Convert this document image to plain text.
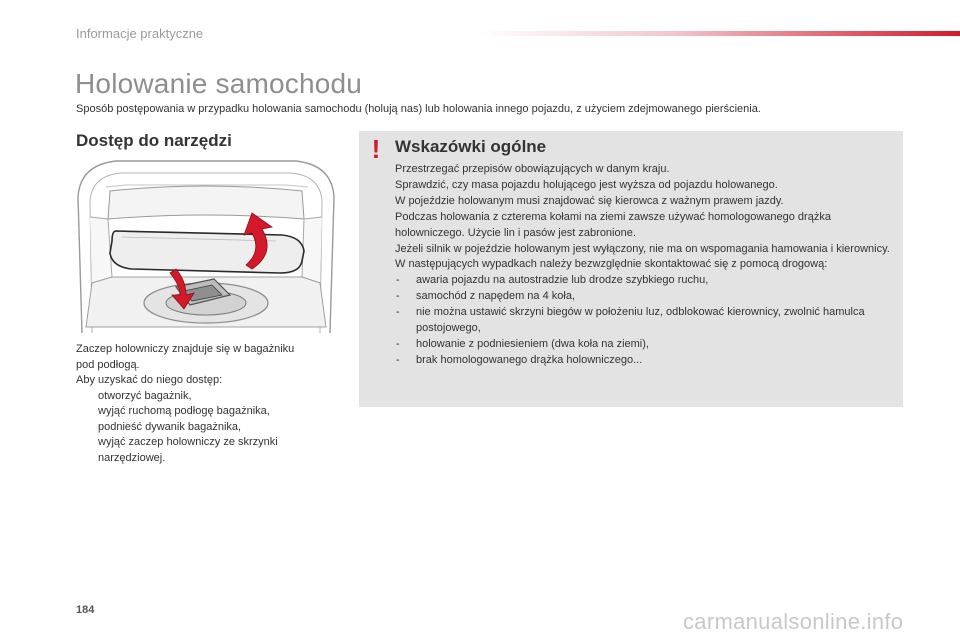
Informacje praktyczne
Holowanie samochodu
Sposób postępowania w przypadku holowania samochodu (holują nas) lub holowania innego pojazdu, z użyciem zdejmowanego pierścienia.
Dostęp do narzędzi

Zaczep holowniczy znajduje się w bagażniku

pod podłogą.

Aby uzyskać do niego dostęp:

otworzyć bagażnik,
wyjąć ruchomą podłogę bagażnika,
podnieść dywanik bagażnika,
wyjąć zaczep holowniczy ze skrzynki narzędziowej.
! Wskazówki ogólne

Przestrzegać przepisów obowiązujących w danym kraju.

Sprawdzić, czy masa pojazdu holującego jest wyższa od pojazdu holowanego.

W pojeździe holowanym musi znajdować się kierowca z ważnym prawem jazdy.

Podczas holowania z czterema kołami na ziemi zawsze używać homologowanego drążka holowniczego. Użycie lin i pasów jest zabronione.

Jeżeli silnik w pojeździe holowanym jest wyłączony, nie ma on wspomagania hamowania i kierownicy.

W następujących wypadkach należy bezwzględnie skontaktować się z pomocą drogową:

- awaria pojazdu na autostradzie lub drodze szybkiego ruchu,
- samochód z napędem na 4 koła,
- nie można ustawić skrzyni biegów w położeniu luz, odblokować kierownicy, zwolnić hamulca postojowego,
- holowanie z podniesieniem (dwa koła na ziemi),
- brak homologowanego drążka holowniczego...
184	carmanualsonline.info
